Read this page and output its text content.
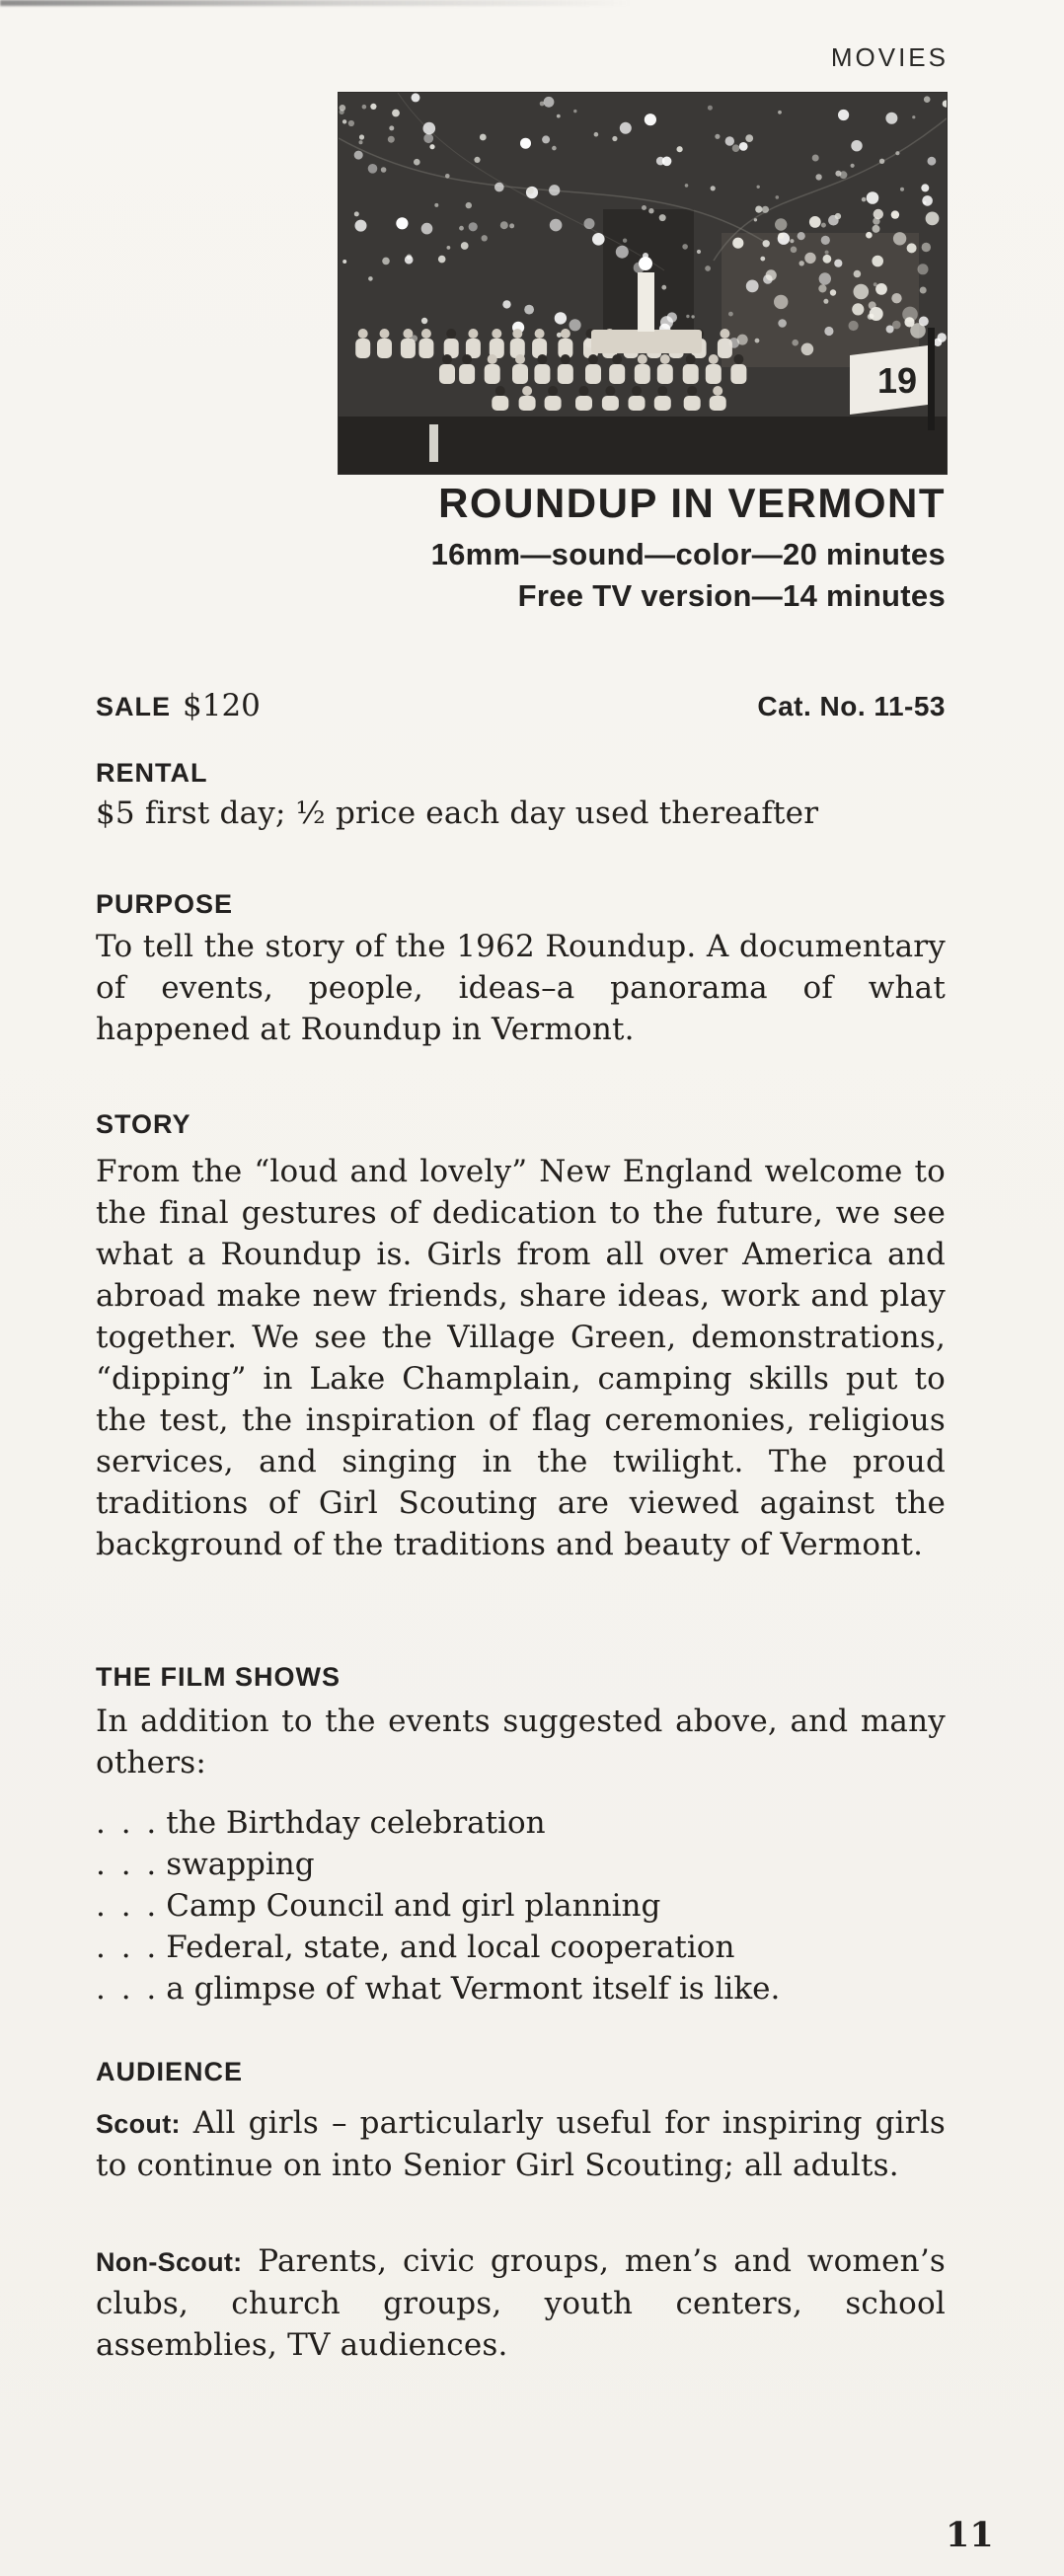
MOVIES
19
ROUNDUP IN VERMONT
16mm—sound—color—20 minutes
Free TV version—14 minutes
SALE $120	Cat. No. 11-53
RENTAL

$5 first day; ½ price each day used thereafter

PURPOSE

To tell the story of the 1962 Roundup. A documentary of events, people, ideas–a panorama of what happened at Roundup in Vermont.

STORY

From the “loud and lovely” New England welcome to the final gestures of dedication to the future, we see what a Roundup is. Girls from all over America and abroad make new friends, share ideas, work and play together. We see the Village Green, demonstrations, “dipping” in Lake Champlain, camping skills put to the test, the inspiration of flag ceremonies, religious services, and singing in the twilight. The proud traditions of Girl Scouting are viewed against the background of the traditions and beauty of Vermont.

THE FILM SHOWS

In addition to the events suggested above, and many others:

. . . the Birthday celebration
. . . swapping
. . . Camp Council and girl planning
. . . Federal, state, and local cooperation
. . . a glimpse of what Vermont itself is like.
AUDIENCE

Scout: All girls – particularly useful for inspiring girls to continue on into Senior Girl Scouting; all adults.

Non-Scout: Parents, civic groups, men’s and women’s clubs, church groups, youth centers, school assemblies, TV audiences.

11
